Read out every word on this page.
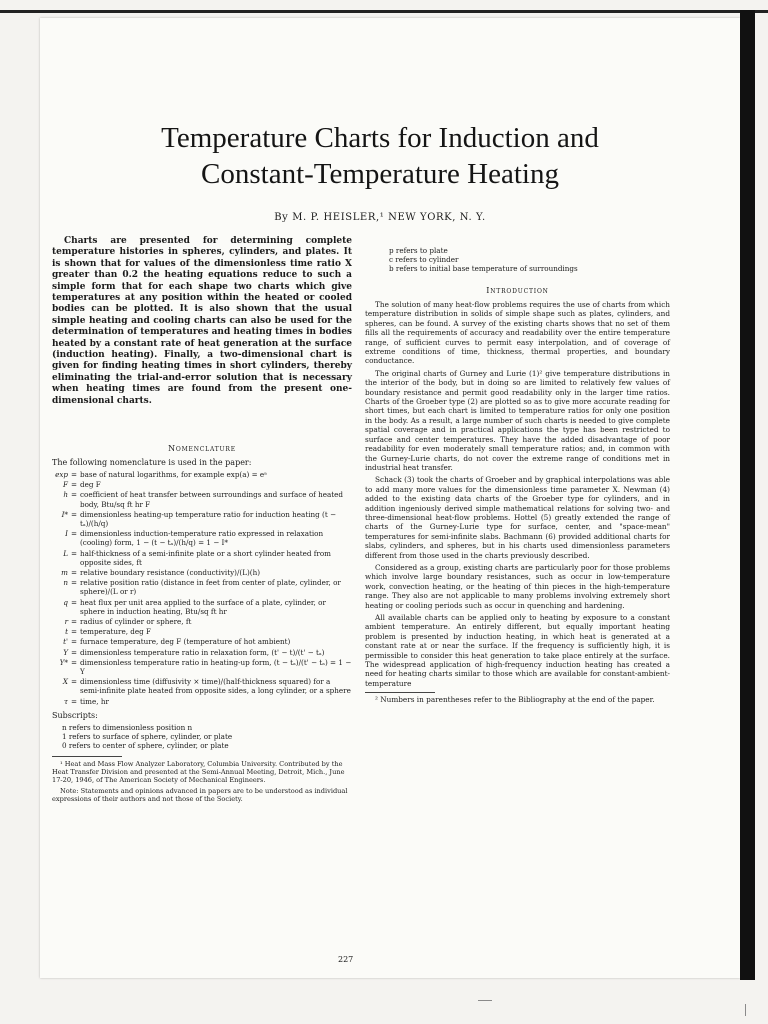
Temperature Charts for Induction and
Constant-Temperature Heating
By M. P. HEISLER,¹ NEW YORK, N. Y.

Charts are presented for determining complete temperature histories in spheres, cylinders, and plates. It is shown that for values of the dimensionless time ratio X greater than 0.2 the heating equations reduce to such a simple form that for each shape two charts which give temperatures at any position within the heated or cooled bodies can be plotted. It is also shown that the usual simple heating and cooling charts can also be used for the determination of temperatures and heating times in bodies heated by a constant rate of heat generation at the surface (induction heating). Finally, a two-dimensional chart is given for finding heating times in short cylinders, thereby eliminating the trial-and-error solution that is necessary when heating times are found from the present one-dimensional charts.

Nomenclature
The following nomenclature is used in the paper:
exp = base of natural logarithms, for example exp(a) = eᵃ
F = deg F
h = coefficient of heat transfer between surroundings and surface of heated body, Btu/sq ft hr F
I* = dimensionless heating-up temperature ratio for induction heating (t − tₐ)/(h/q)
I = dimensionless induction-temperature ratio expressed in relaxation (cooling) form, 1 − (t − tₐ)/(h/q) = 1 − I*
L = half-thickness of a semi-infinite plate or a short cylinder heated from opposite sides, ft
m = relative boundary resistance (conductivity)/(L)(h)
n = relative position ratio (distance in feet from center of plate, cylinder, or sphere)/(L or r)
q = heat flux per unit area applied to the surface of a plate, cylinder, or sphere in induction heating, Btu/sq ft hr
r = radius of cylinder or sphere, ft
t = temperature, deg F
t' = furnace temperature, deg F (temperature of hot ambient)
Y = dimensionless temperature ratio in relaxation form, (t' − t)/(t' − tₐ)
Y* = dimensionless temperature ratio in heating-up form, (t − tₐ)/(t' − tₐ) = 1 − Y
X = dimensionless time (diffusivity × time)/(half-thickness squared) for a semi-infinite plate heated from opposite sides, a long cylinder, or a sphere
τ = time, hr
Subscripts:
n refers to dimensionless position n
1 refers to surface of sphere, cylinder, or plate
0 refers to center of sphere, cylinder, or plate

¹ Heat and Mass Flow Analyzer Laboratory, Columbia University. Contributed by the Heat Transfer Division and presented at the Semi-Annual Meeting, Detroit, Mich., June 17-20, 1946, of The American Society of Mechanical Engineers.

Note: Statements and opinions advanced in papers are to be understood as individual expressions of their authors and not those of the Society.

p refers to plate
c refers to cylinder
b refers to initial base temperature of surroundings
Introduction

The solution of many heat-flow problems requires the use of charts from which temperature distribution in solids of simple shape such as plates, cylinders, and spheres, can be found. A survey of the existing charts shows that no set of them fills all the requirements of accuracy and readability over the entire temperature range, of sufficient curves to permit easy interpolation, and of coverage of extreme conditions of time, thickness, thermal properties, and boundary conductance.

The original charts of Gurney and Lurie (1)² give temperature distributions in the interior of the body, but in doing so are limited to relatively few values of boundary resistance and permit good readability only in the larger time ratios. Charts of the Groeber type (2) are plotted so as to give more accurate reading for short times, but each chart is limited to temperature ratios for only one position in the body. As a result, a large number of such charts is needed to give complete spatial coverage and in practical applications the type has been restricted to surface and center temperatures. They have the added disadvantage of poor readability for even moderately small temperature ratios; and, in common with the Gurney-Lurie charts, do not cover the extreme range of conditions met in industrial heat transfer.

Schack (3) took the charts of Groeber and by graphical interpolations was able to add many more values for the dimensionless time parameter X. Newman (4) added to the existing data charts of the Groeber type for cylinders, and in addition ingeniously derived simple mathematical relations for solving two- and three-dimensional heat-flow problems. Hottel (5) greatly extended the range of charts of the Gurney-Lurie type for surface, center, and "space-mean" temperatures for semi-infinite slabs. Bachmann (6) provided additional charts for slabs, cylinders, and spheres, but in his charts used dimensionless parameters different from those used in the charts previously described.

Considered as a group, existing charts are particularly poor for those problems which involve large boundary resistances, such as occur in low-temperature work, convection heating, or the heating of thin pieces in the high-temperature range. They also are not applicable to many problems involving extremely short heating or cooling periods such as occur in quenching and hardening.

All available charts can be applied only to heating by exposure to a constant ambient temperature. An entirely different, but equally important heating problem is presented by induction heating, in which heat is generated at a constant rate at or near the surface. If the frequency is sufficiently high, it is permissible to consider this heat generation to take place entirely at the surface. The widespread application of high-frequency induction heating has created a need for heating charts similar to those which are available for constant-ambient-temperature

² Numbers in parentheses refer to the Bibliography at the end of the paper.

227
